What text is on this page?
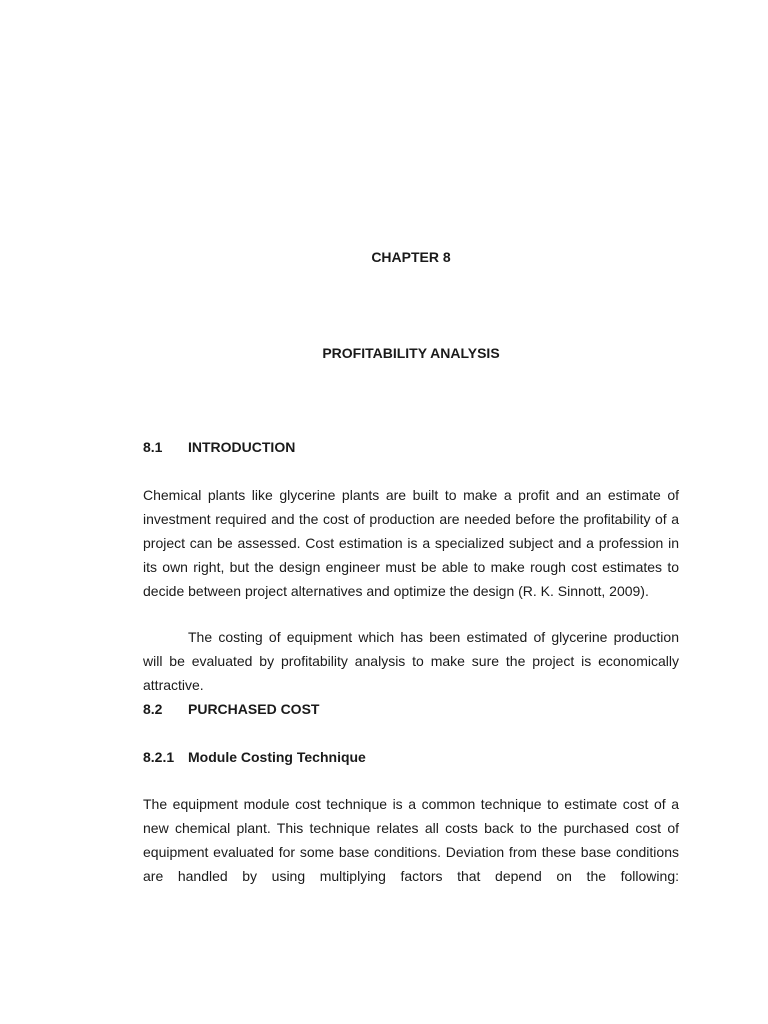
CHAPTER 8
PROFITABILITY ANALYSIS
8.1 INTRODUCTION

Chemical plants like glycerine plants are built to make a profit and an estimate of investment required and the cost of production are needed before the profitability of a project can be assessed. Cost estimation is a specialized subject and a profession in its own right, but the design engineer must be able to make rough cost estimates to decide between project alternatives and optimize the design (R. K. Sinnott, 2009).

The costing of equipment which has been estimated of glycerine production will be evaluated by profitability analysis to make sure the project is economically attractive.

8.2 PURCHASED COST
8.2.1 Module Costing Technique

The equipment module cost technique is a common technique to estimate cost of a new chemical plant. This technique relates all costs back to the purchased cost of equipment evaluated for some base conditions. Deviation from these base conditions are handled by using multiplying factors that depend on the following:
